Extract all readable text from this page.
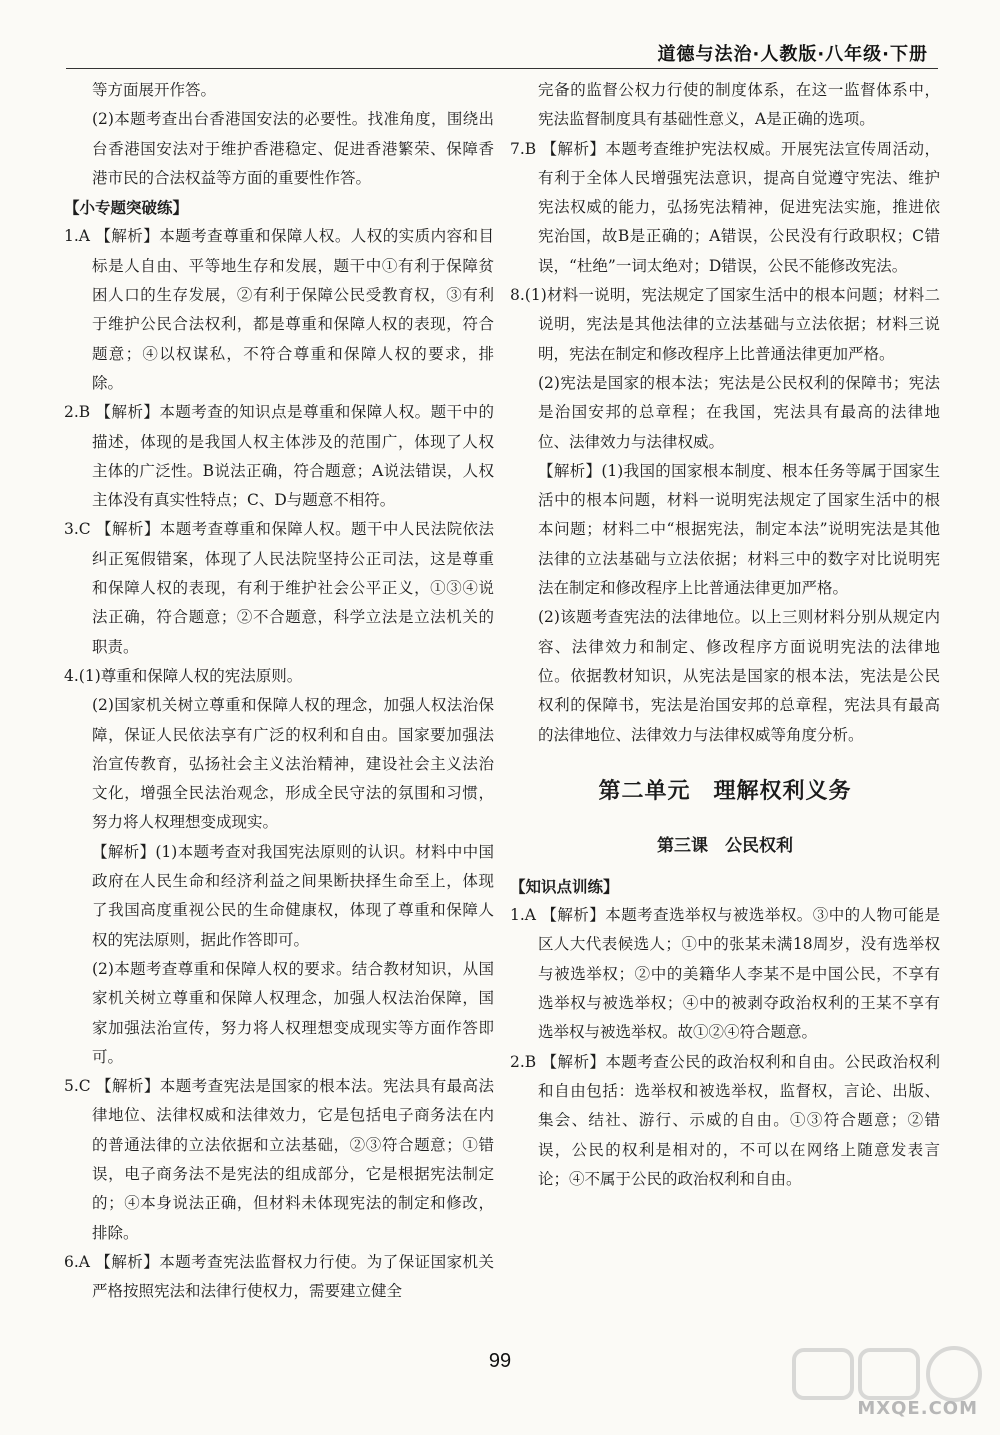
道德与法治·人教版·八年级·下册

等方面展开作答。

(2)本题考查出台香港国安法的必要性。找准角度，围绕出台香港国安法对于维护香港稳定、促进香港繁荣、保障香港市民的合法权益等方面的重要性作答。

【小专题突破练】

1.A 【解析】本题考查尊重和保障人权。人权的实质内容和目标是人自由、平等地生存和发展，题干中①有利于保障贫困人口的生存发展，②有利于保障公民受教育权，③有利于维护公民合法权利，都是尊重和保障人权的表现，符合题意；④以权谋私，不符合尊重和保障人权的要求，排除。

2.B 【解析】本题考查的知识点是尊重和保障人权。题干中的描述，体现的是我国人权主体涉及的范围广，体现了人权主体的广泛性。B说法正确，符合题意；A说法错误，人权主体没有真实性特点；C、D与题意不相符。

3.C 【解析】本题考查尊重和保障人权。题干中人民法院依法纠正冤假错案，体现了人民法院坚持公正司法，这是尊重和保障人权的表现，有利于维护社会公平正义，①③④说法正确，符合题意；②不合题意，科学立法是立法机关的职责。

4.(1)尊重和保障人权的宪法原则。

(2)国家机关树立尊重和保障人权的理念，加强人权法治保障，保证人民依法享有广泛的权利和自由。国家要加强法治宣传教育，弘扬社会主义法治精神，建设社会主义法治文化，增强全民法治观念，形成全民守法的氛围和习惯，努力将人权理想变成现实。

【解析】(1)本题考查对我国宪法原则的认识。材料中中国政府在人民生命和经济利益之间果断抉择生命至上，体现了我国高度重视公民的生命健康权，体现了尊重和保障人权的宪法原则，据此作答即可。

(2)本题考查尊重和保障人权的要求。结合教材知识，从国家机关树立尊重和保障人权理念，加强人权法治保障，国家加强法治宣传，努力将人权理想变成现实等方面作答即可。

5.C 【解析】本题考查宪法是国家的根本法。宪法具有最高法律地位、法律权威和法律效力，它是包括电子商务法在内的普通法律的立法依据和立法基础，②③符合题意；①错误，电子商务法不是宪法的组成部分，它是根据宪法制定的；④本身说法正确，但材料未体现宪法的制定和修改，排除。

6.A 【解析】本题考查宪法监督权力行使。为了保证国家机关严格按照宪法和法律行使权力，需要建立健全

完备的监督公权力行使的制度体系，在这一监督体系中，宪法监督制度具有基础性意义，A是正确的选项。

7.B 【解析】本题考查维护宪法权威。开展宪法宣传周活动，有利于全体人民增强宪法意识，提高自觉遵守宪法、维护宪法权威的能力，弘扬宪法精神，促进宪法实施，推进依宪治国，故B是正确的；A错误，公民没有行政职权；C错误，“杜绝”一词太绝对；D错误，公民不能修改宪法。

8.(1)材料一说明，宪法规定了国家生活中的根本问题；材料二说明，宪法是其他法律的立法基础与立法依据；材料三说明，宪法在制定和修改程序上比普通法律更加严格。

(2)宪法是国家的根本法；宪法是公民权利的保障书；宪法是治国安邦的总章程；在我国，宪法具有最高的法律地位、法律效力与法律权威。

【解析】(1)我国的国家根本制度、根本任务等属于国家生活中的根本问题，材料一说明宪法规定了国家生活中的根本问题；材料二中“根据宪法，制定本法”说明宪法是其他法律的立法基础与立法依据；材料三中的数字对比说明宪法在制定和修改程序上比普通法律更加严格。

(2)该题考查宪法的法律地位。以上三则材料分别从规定内容、法律效力和制定、修改程序方面说明宪法的法律地位。依据教材知识，从宪法是国家的根本法，宪法是公民权利的保障书，宪法是治国安邦的总章程，宪法具有最高的法律地位、法律效力与法律权威等角度分析。

第二单元　理解权利义务

第三课　公民权利

【知识点训练】

1.A 【解析】本题考查选举权与被选举权。③中的人物可能是区人大代表候选人；①中的张某未满18周岁，没有选举权与被选举权；②中的美籍华人李某不是中国公民，不享有选举权与被选举权；④中的被剥夺政治权利的王某不享有选举权与被选举权。故①②④符合题意。

2.B 【解析】本题考查公民的政治权利和自由。公民政治权利和自由包括：选举权和被选举权，监督权，言论、出版、集会、结社、游行、示威的自由。①③符合题意；②错误，公民的权利是相对的，不可以在网络上随意发表言论；④不属于公民的政治权利和自由。

99
MXQE.COM
